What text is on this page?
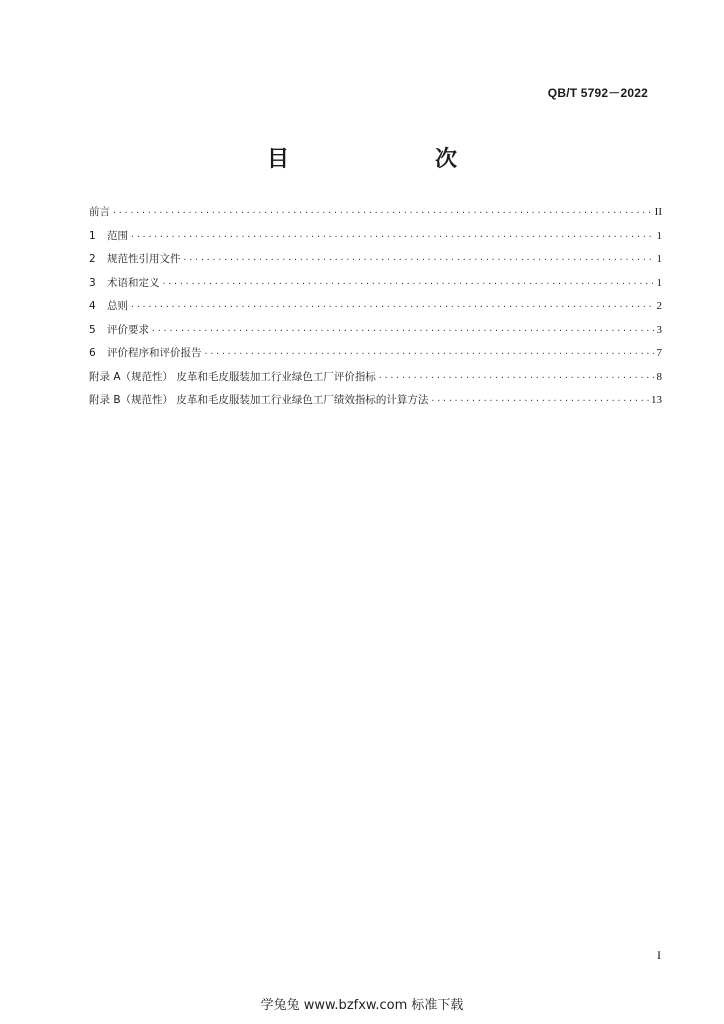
QB/T 5792－2022
目　　次
前言 ·····	II
1	范围 ·····	1
2	规范性引用文件 ·····	1
3	术语和定义 ·····	1
4	总则 ·····	2
5	评价要求 ·····	3
6	评价程序和评价报告 ·····	7
附录 A（规范性） 皮革和毛皮服装加工行业绿色工厂评价指标 ·····	8
附录 B（规范性） 皮革和毛皮服装加工行业绿色工厂绩效指标的计算方法 ·····	13
I
学兔兔 www.bzfxw.com 标准下载
